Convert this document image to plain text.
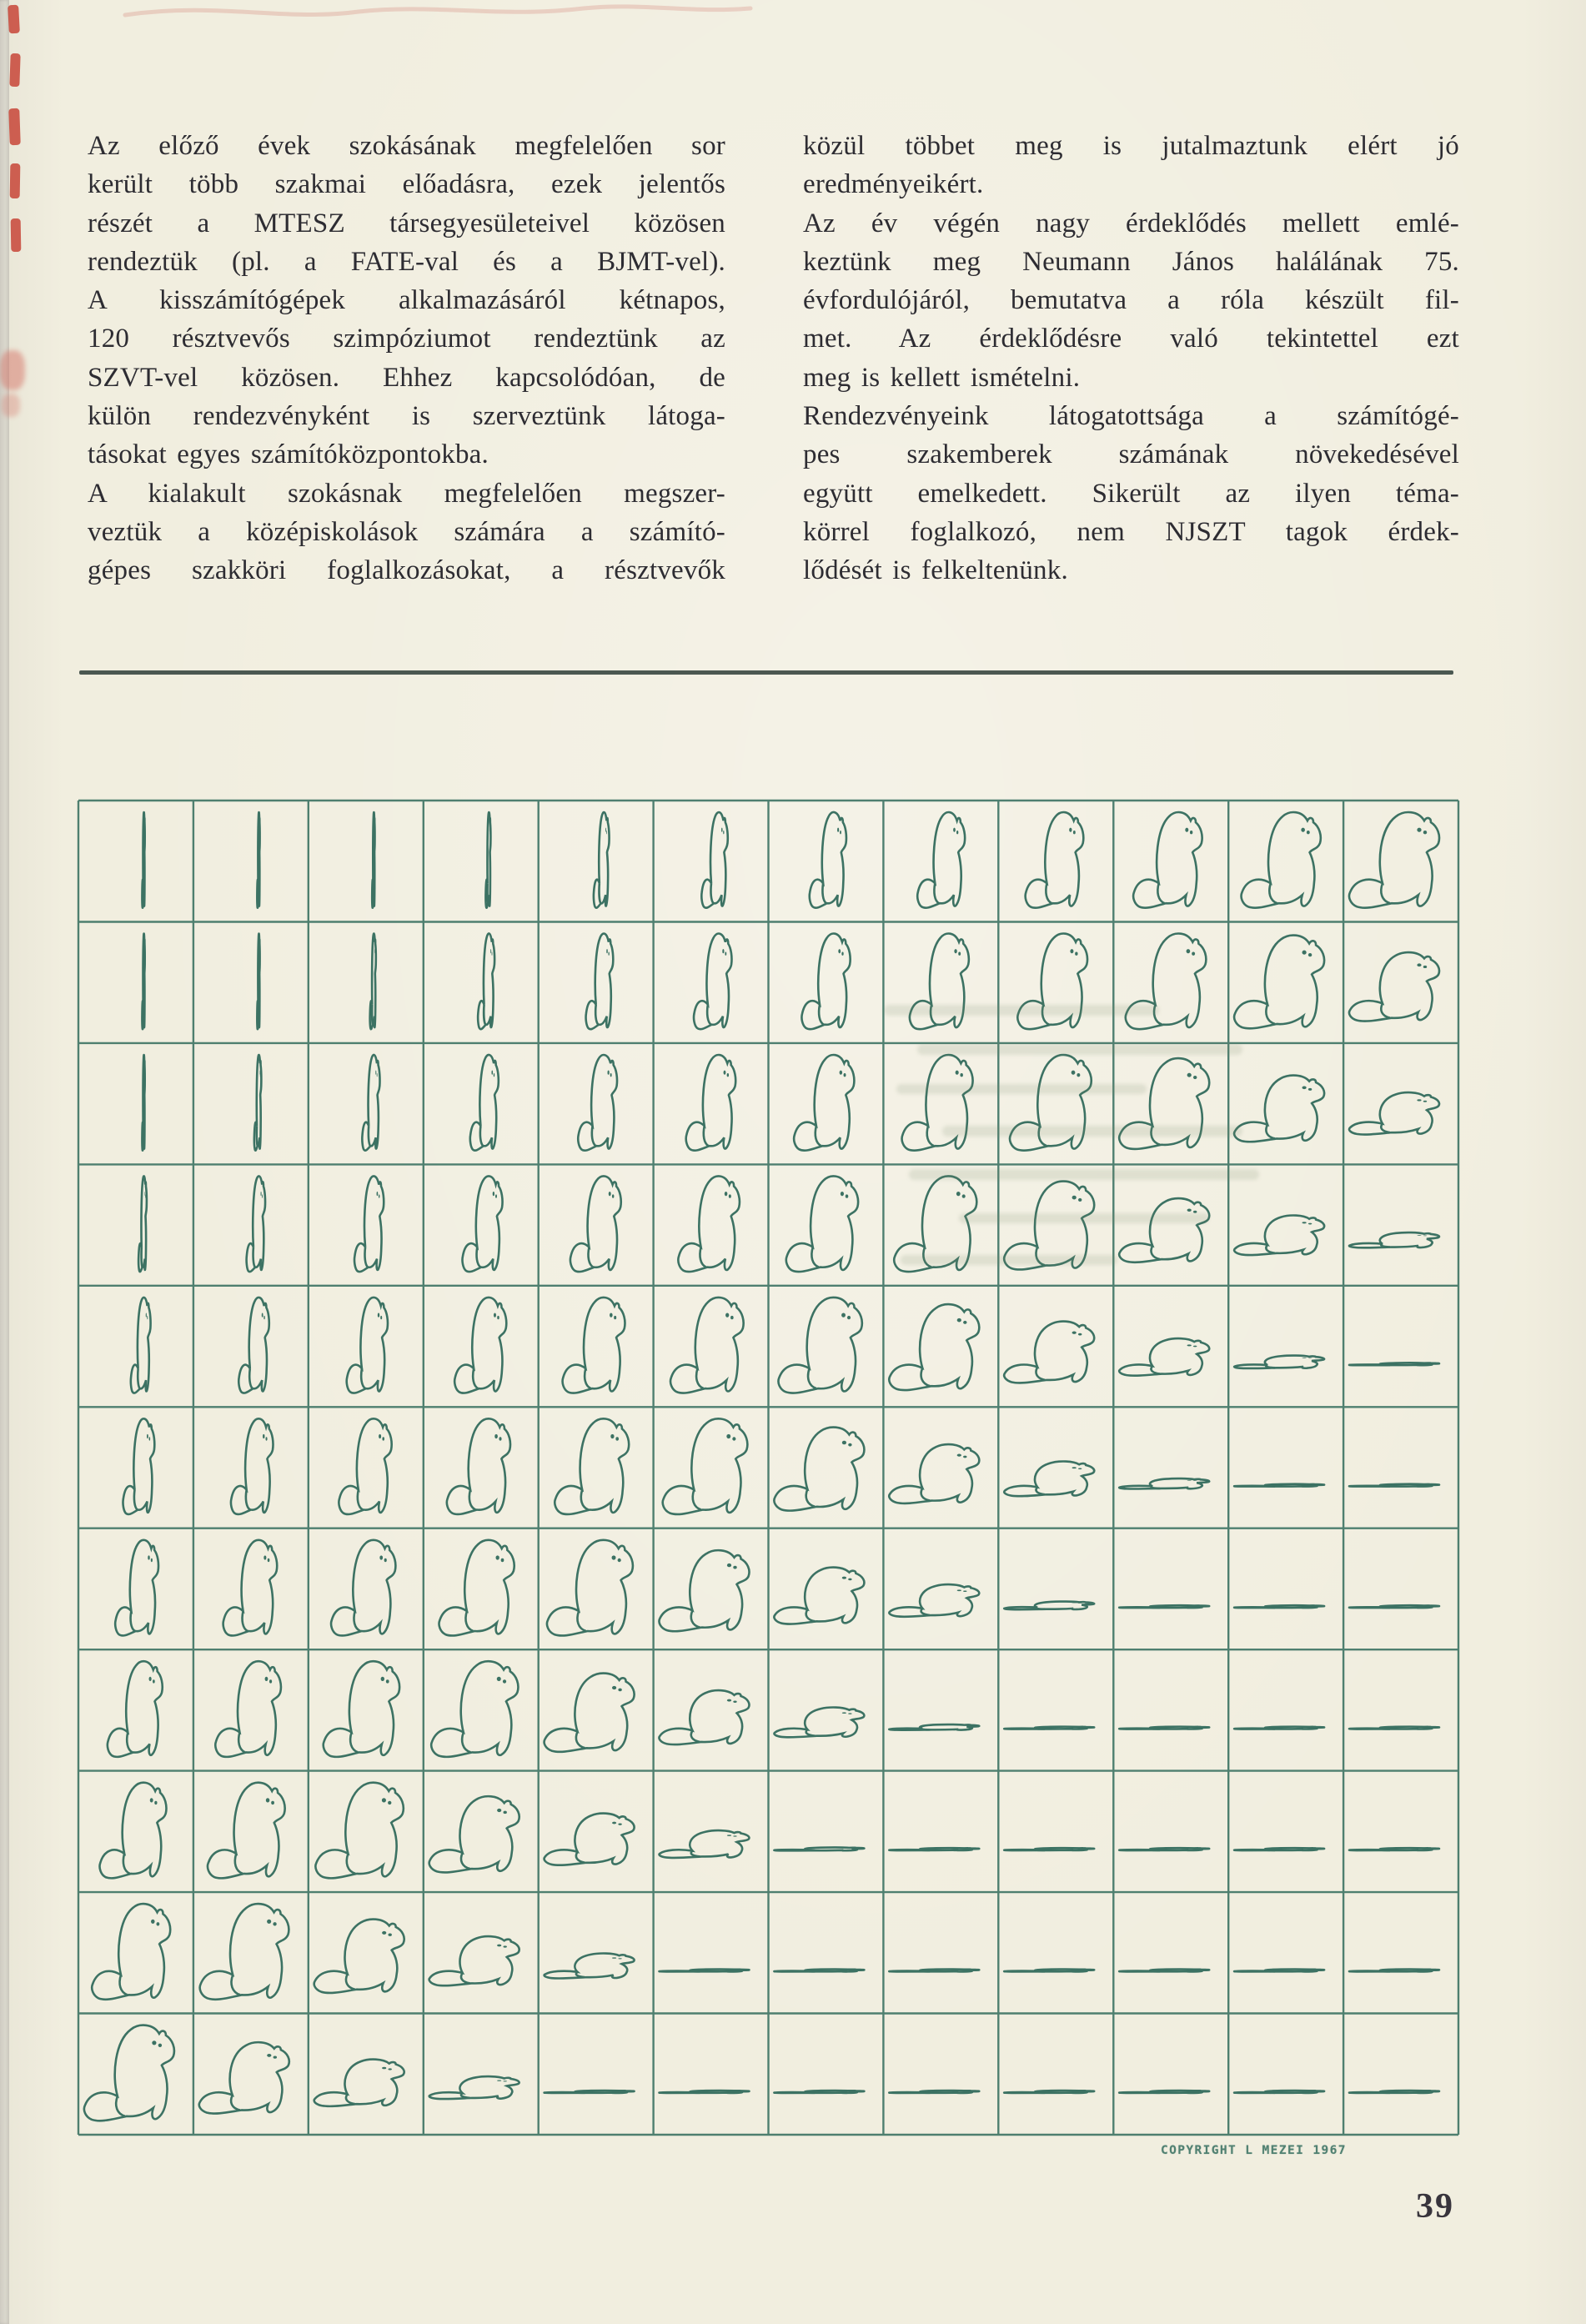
Az előző évek szokásának megfelelően sor
került több szakmai előadásra, ezek jelentős
részét a MTESZ társegyesületeivel közösen
rendeztük (pl. a FATE-val és a BJMT-vel).
A kisszámítógépek alkalmazásáról kétnapos,
120 résztvevős szimpóziumot rendeztünk az
SZVT-vel közösen. Ehhez kapcsolódóan, de
külön rendezvényként is szerveztünk látoga-
tásokat egyes számítóközpontokba.
A kialakult szokásnak megfelelően megszer-
veztük a középiskolások számára a számító-
gépes szakköri foglalkozásokat, a résztvevők
közül többet meg is jutalmaztunk elért jó
eredményeikért.
Az év végén nagy érdeklődés mellett emlé-
keztünk meg Neumann János halálának 75.
évfordulójáról, bemutatva a róla készült fil-
met. Az érdeklődésre való tekintettel ezt
meg is kellett ismételni.
Rendezvényeink látogatottsága a számítógé-
pes szakemberek számának növekedésével
együtt emelkedett. Sikerült az ilyen téma-
körrel foglalkozó, nem NJSZT tagok érdek-
lődését is felkeltenünk.
COPYRIGHT L MEZEI 1967
39
